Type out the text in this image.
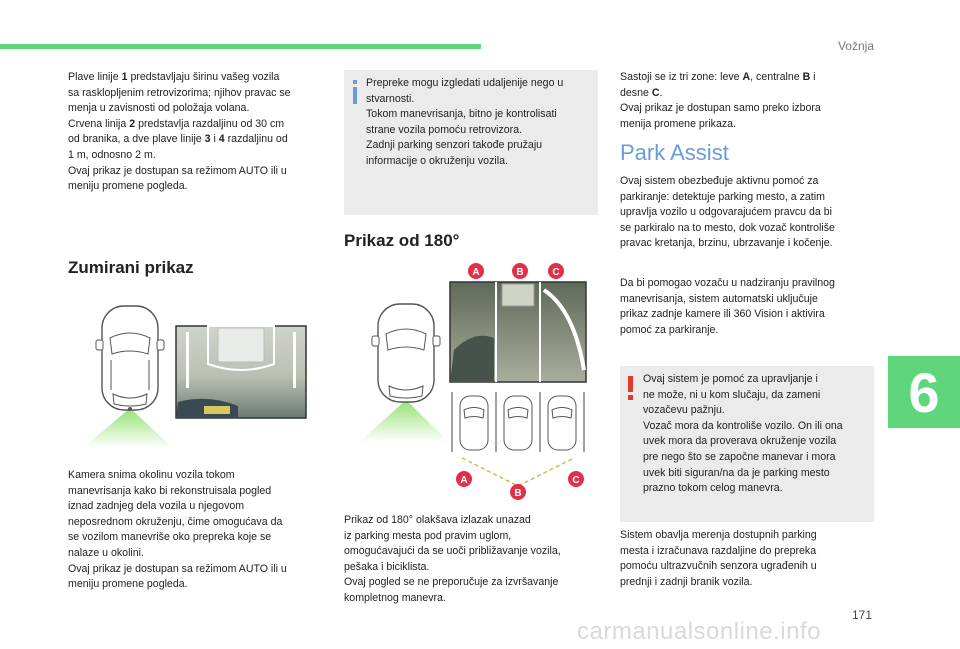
Vožnja
6
171
carmanualsonline.info

Plave linije 1 predstavljaju širinu vašeg vozila

sa rasklopljenim retrovizorima; njihov pravac se

menja u zavisnosti od položaja volana.

Crvena linija 2 predstavlja razdaljinu od 30 cm

od branika, a dve plave linije 3 i 4 razdaljinu od

1 m, odnosno 2 m.

Ovaj prikaz je dostupan sa režimom AUTO ili u

meniju promene pogleda.

Zumirani prikaz

Kamera snima okolinu vozila tokom

manevrisanja kako bi rekonstruisala pogled

iznad zadnjeg dela vozila u njegovom

neposrednom okruženju, čime omogućava da

se vozilom manevriše oko prepreka koje se

nalaze u okolini.

Ovaj prikaz je dostupan sa režimom AUTO ili u

meniju promene pogleda.

Prepreke mogu izgledati udaljenije nego u

stvarnosti.

Tokom manevrisanja, bitno je kontrolisati

strane vozila pomoću retrovizora.

Zadnji parking senzori takođe pružaju

informacije o okruženju vozila.

Prikaz od 180°
A	B	C
A
B
C

Prikaz od 180° olakšava izlazak unazad

iz parking mesta pod pravim uglom,

omogućavajući da se uoči približavanje vozila,

pešaka i biciklista.

Ovaj pogled se ne preporučuje za izvršavanje

kompletnog manevra.

Sastoji se iz tri zone: leve A, centralne B i

desne C.

Ovaj prikaz je dostupan samo preko izbora

menija promene prikaza.

Park Assist

Ovaj sistem obezbeđuje aktivnu pomoć za

parkiranje: detektuje parking mesto, a zatim

upravlja vozilo u odgovarajućem pravcu da bi

se parkiralo na to mesto, dok vozač kontroliše

pravac kretanja, brzinu, ubrzavanje i kočenje.

Da bi pomogao vozaču u nadziranju pravilnog

manevrisanja, sistem automatski uključuje

prikaz zadnje kamere ili 360 Vision i aktivira

pomoć za parkiranje.

Ovaj sistem je pomoć za upravljanje i

ne može, ni u kom slučaju, da zameni

vozačevu pažnju.

Vozač mora da kontroliše vozilo. On ili ona

uvek mora da proverava okruženje vozila

pre nego što se započne manevar i mora

uvek biti siguran/na da je parking mesto

prazno tokom celog manevra.

Sistem obavlja merenja dostupnih parking

mesta i izračunava razdaljine do prepreka

pomoću ultrazvučnih senzora ugrađenih u

prednji i zadnji branik vozila.
